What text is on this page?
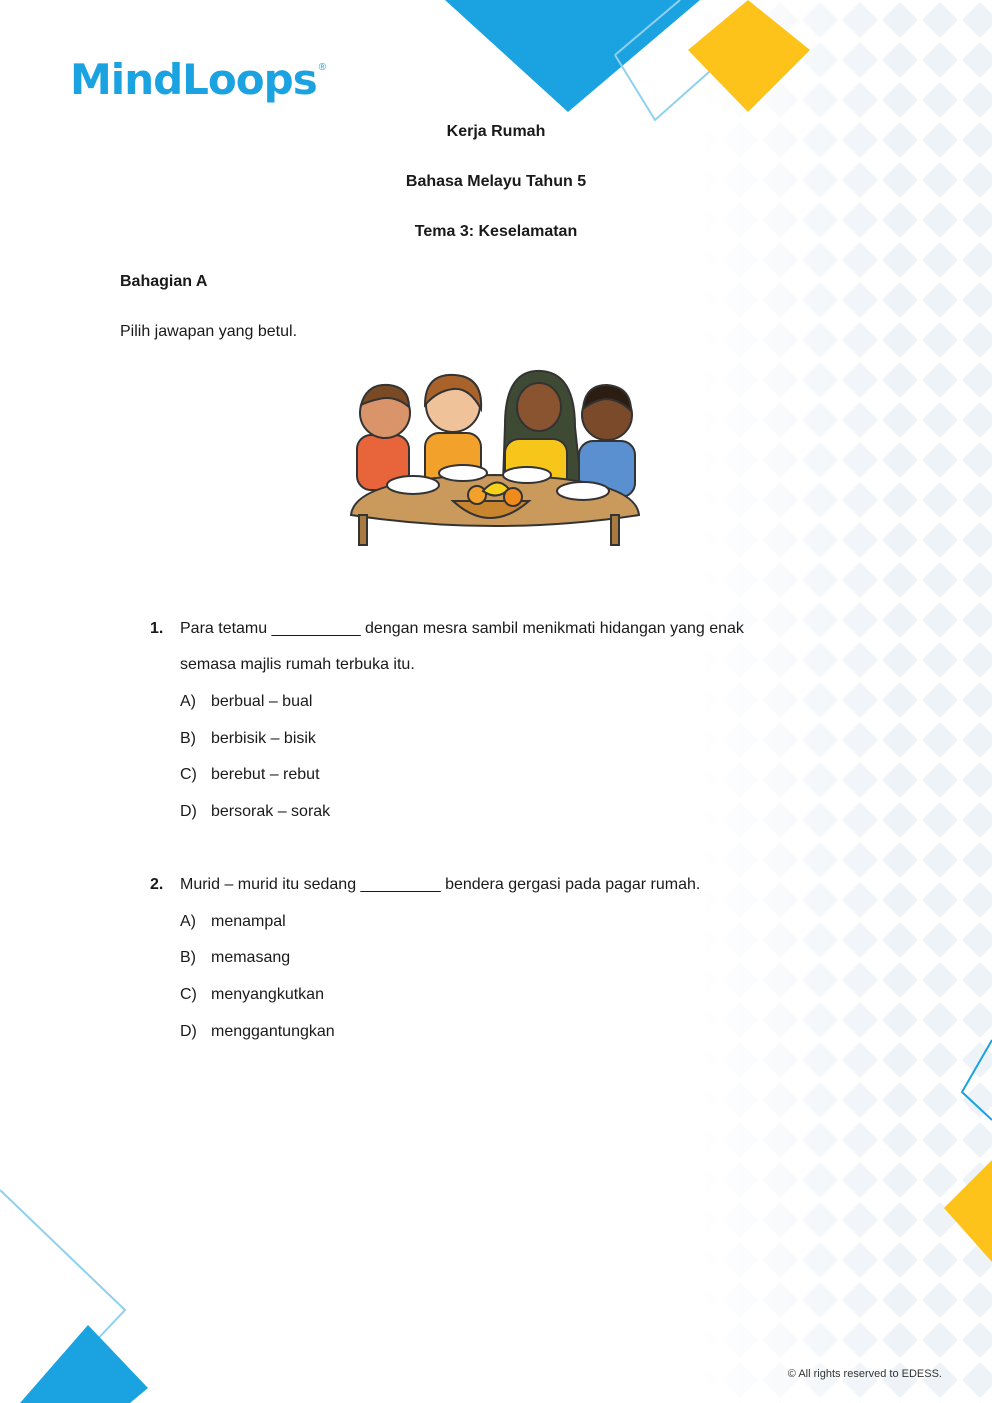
MindLoops ®
Kerja Rumah
Bahasa Melayu Tahun 5
Tema 3: Keselamatan
Bahagian A
Pilih jawapan yang betul.
1. Para tetamu __________ dengan mesra sambil menikmati hidangan yang enak
semasa majlis rumah terbuka itu.
A) berbual – bual
B) berbisik – bisik
C) berebut – rebut
D) bersorak – sorak
2. Murid – murid itu sedang _________ bendera gergasi pada pagar rumah.
A) menampal
B) memasang
C) menyangkutkan
D) menggantungkan
© All rights reserved to EDESS.
